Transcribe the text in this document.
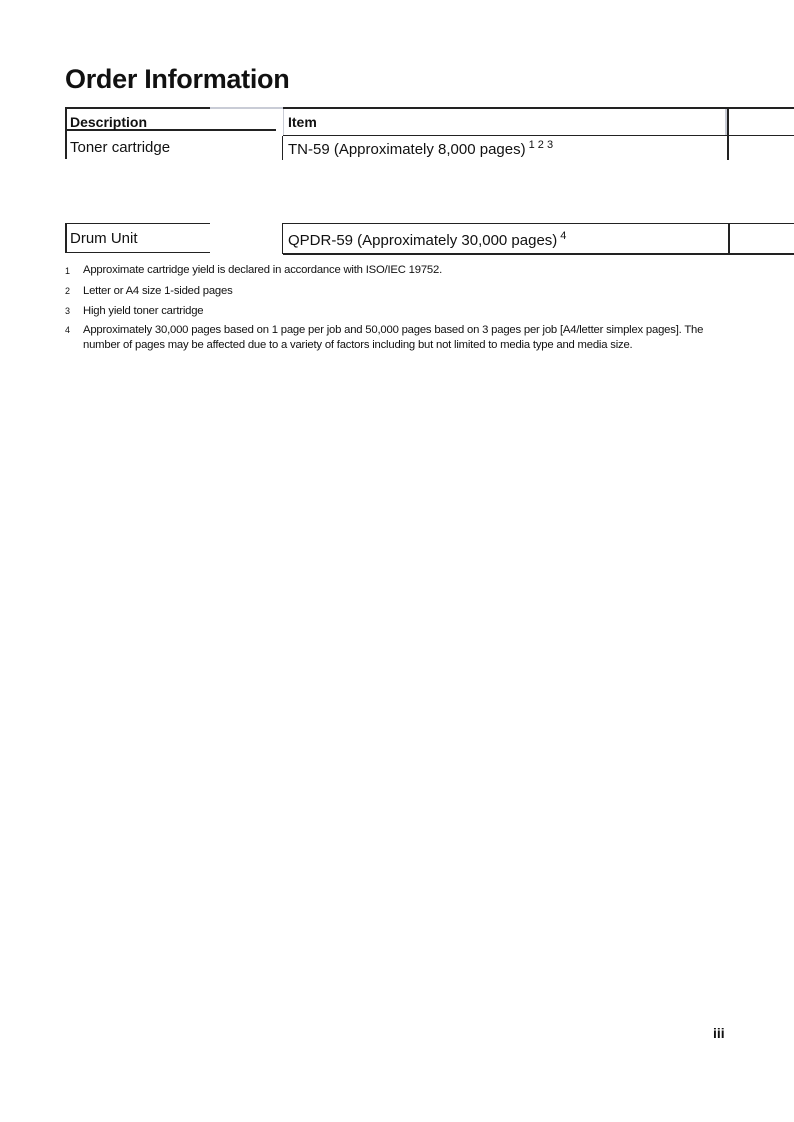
Order Information
Description	Item
Toner cartridge	TN-59 (Approximately 8,000 pages) $^{1 2 3}$
Drum Unit	QPDR-59 (Approximately 30,000 pages) $^4$
1 Approximate cartridge yield is declared in accordance with ISO/IEC 19752.
2 Letter or A4 size 1-sided pages
3 High yield toner cartridge
4 Approximately 30,000 pages based on 1 page per job and 50,000 pages based on 3 pages per job [A4/letter simplex pages]. The number of pages may be affected due to a variety of factors including but not limited to media type and media size.
iii
